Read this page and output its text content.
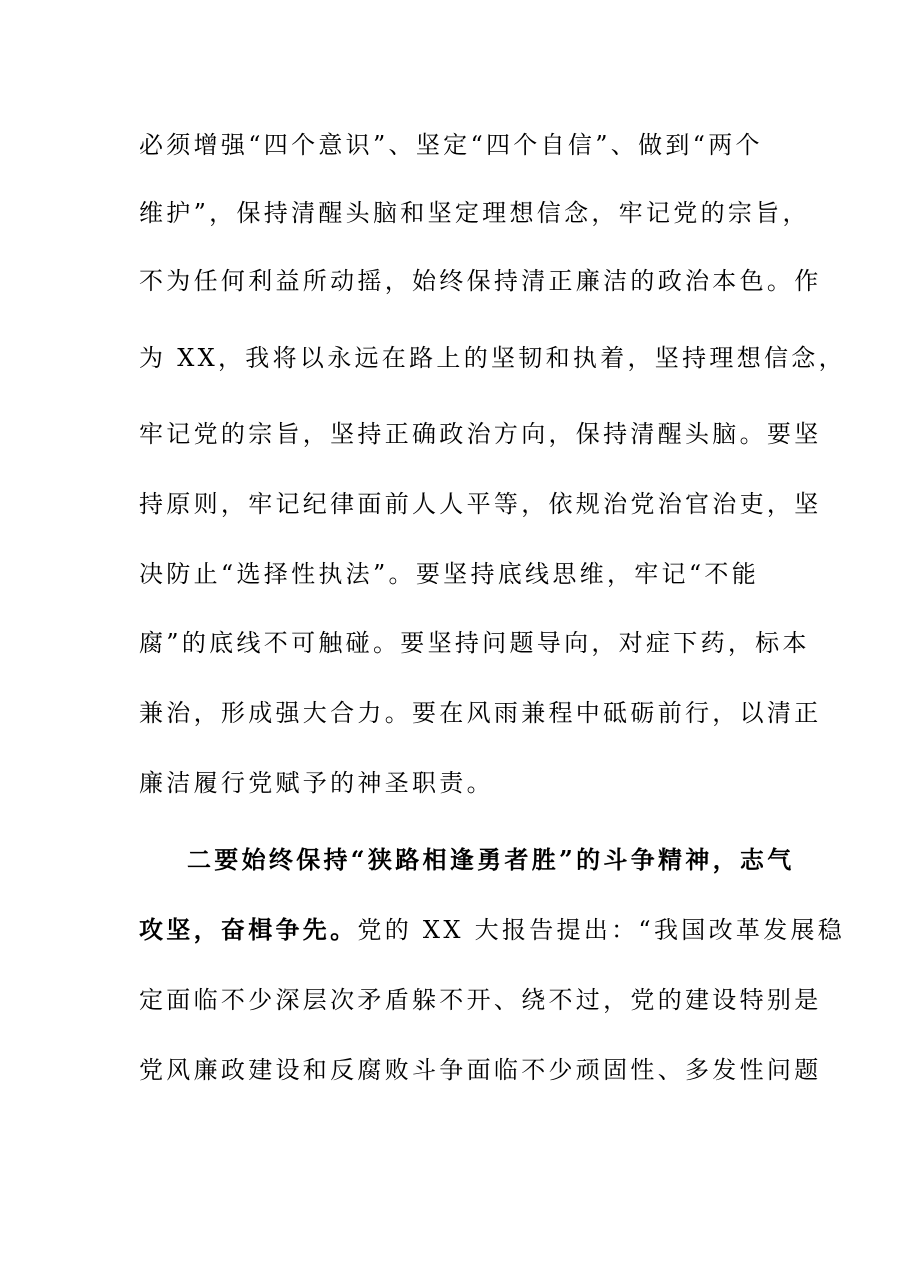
必须增强“四个意识”、坚定“四个自信”、做到“两个
维护”，保持清醒头脑和坚定理想信念，牢记党的宗旨，
不为任何利益所动摇，始终保持清正廉洁的政治本色。作
为 XX，我将以永远在路上的坚韧和执着，坚持理想信念，
牢记党的宗旨，坚持正确政治方向，保持清醒头脑。要坚
持原则，牢记纪律面前人人平等，依规治党治官治吏，坚
决防止“选择性执法”。要坚持底线思维，牢记“不能
腐”的底线不可触碰。要坚持问题导向，对症下药，标本
兼治，形成强大合力。要在风雨兼程中砥砺前行，以清正
廉洁履行党赋予的神圣职责。
二要始终保持“狭路相逢勇者胜”的斗争精神，志气
攻坚，奋楫争先。党的 XX 大报告提出：“我国改革发展稳
定面临不少深层次矛盾躲不开、绕不过，党的建设特别是
党风廉政建设和反腐败斗争面临不少顽固性、多发性问题
